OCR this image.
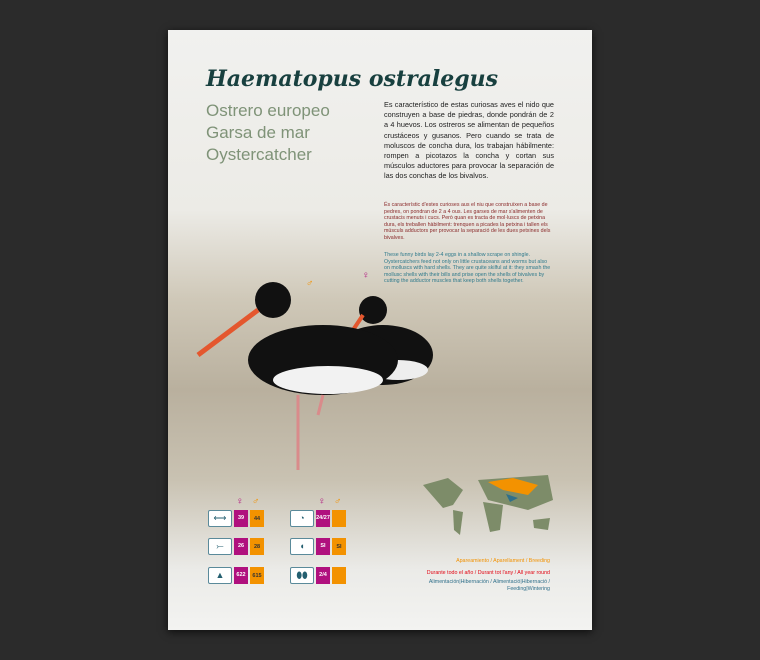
Haematopus ostralegus
Ostrero europeo
Garsa de mar
Oystercatcher
Es característico de estas curiosas aves el nido que construyen a base de piedras, donde pondrán de 2 a 4 huevos. Los ostreros se alimentan de pequeños crustáceos y gusanos. Pero cuando se trata de moluscos de concha dura, los trabajan hábilmente: rompen a picotazos la concha y cortan sus músculos aductores para provocar la separación de las dos conchas de los bivalvos.
És característic d'estes curioses aus el niu que construïxen a base de pedres, on pondran de 2 a 4 ous. Les garses de mar s'alimenten de crustacis menuts i cucs. Però quan es tracta de mol·luscs de petxina dura, els treballen hàbilment: trenquen a picades la petxina i tallen els músculs adductors per provocar la separació de les dues petxines dels bivalves.
These funny birds lay 2-4 eggs in a shallow scrape on shingle. Oystercatchers feed not only on little crustaceans and worms but also on molluscs with hard shells. They are quite skilful at it: they smash the mollusc shells with their bills and prise open the shells of bivalves by cutting the adductor muscles that keep both shells together.
♂
♀
♀ ♂	♀ ♂
⟷	39	44
⤚	26	28
▲	622	615
◔	24/27
◖	SI	SI
⬮⬮	2/4
Apareamiento / Aparellament / Breeding
Durante todo el año / Durant tot l'any / All year round
Alimentación|Hibernación / Alimentació|Hibernació / Feeding|Wintering
